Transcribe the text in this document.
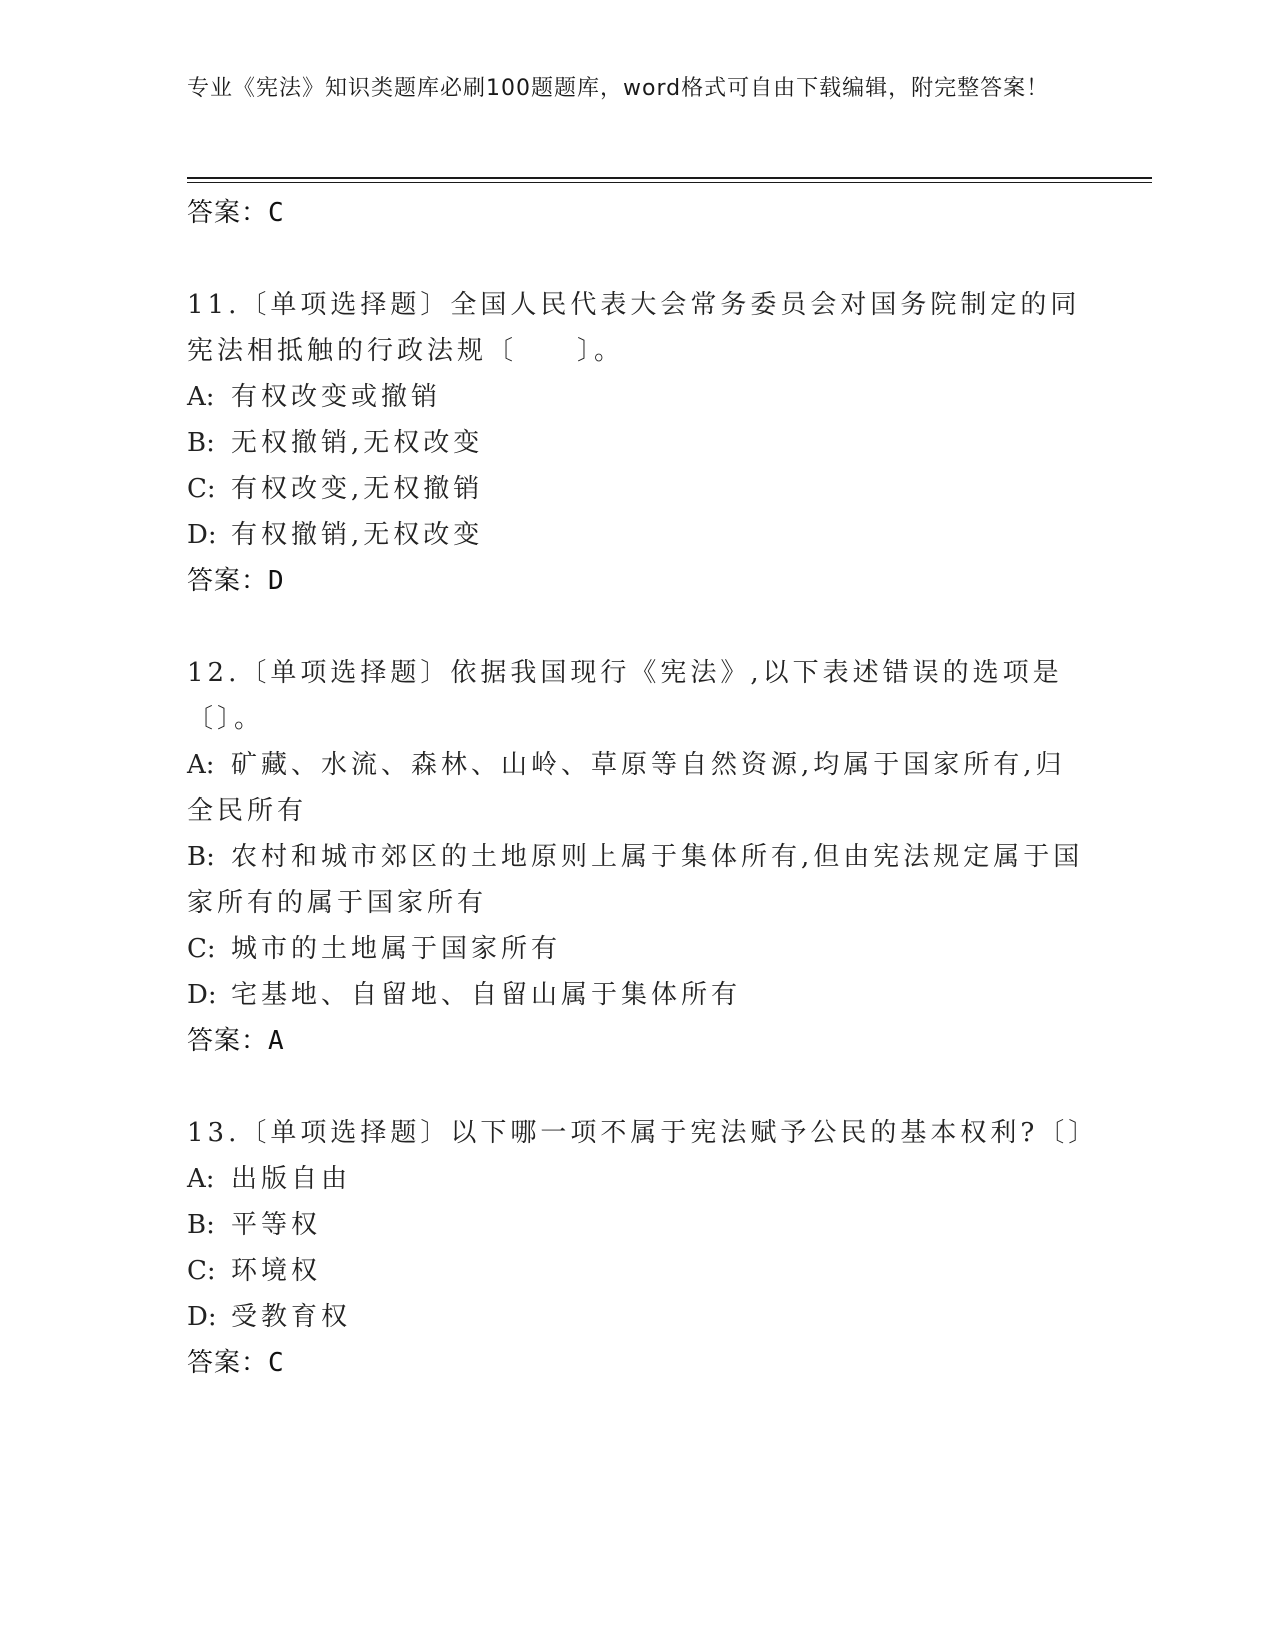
专业《宪法》知识类题库必刷100题题库，word格式可自由下载编辑，附完整答案！
答案：C
11.〔单项选择题〕全国人民代表大会常务委员会对国务院制定的同宪法相抵触的行政法规〔　　〕。
A: 有权改变或撤销
B: 无权撤销,无权改变
C: 有权改变,无权撤销
D: 有权撤销,无权改变
答案：D
12.〔单项选择题〕依据我国现行《宪法》,以下表述错误的选项是〔〕。
A: 矿藏、水流、森林、山岭、草原等自然资源,均属于国家所有,归全民所有
B: 农村和城市郊区的土地原则上属于集体所有,但由宪法规定属于国家所有的属于国家所有
C: 城市的土地属于国家所有
D: 宅基地、自留地、自留山属于集体所有
答案：A
13.〔单项选择题〕以下哪一项不属于宪法赋予公民的基本权利?〔〕
A: 出版自由
B: 平等权
C: 环境权
D: 受教育权
答案：C
